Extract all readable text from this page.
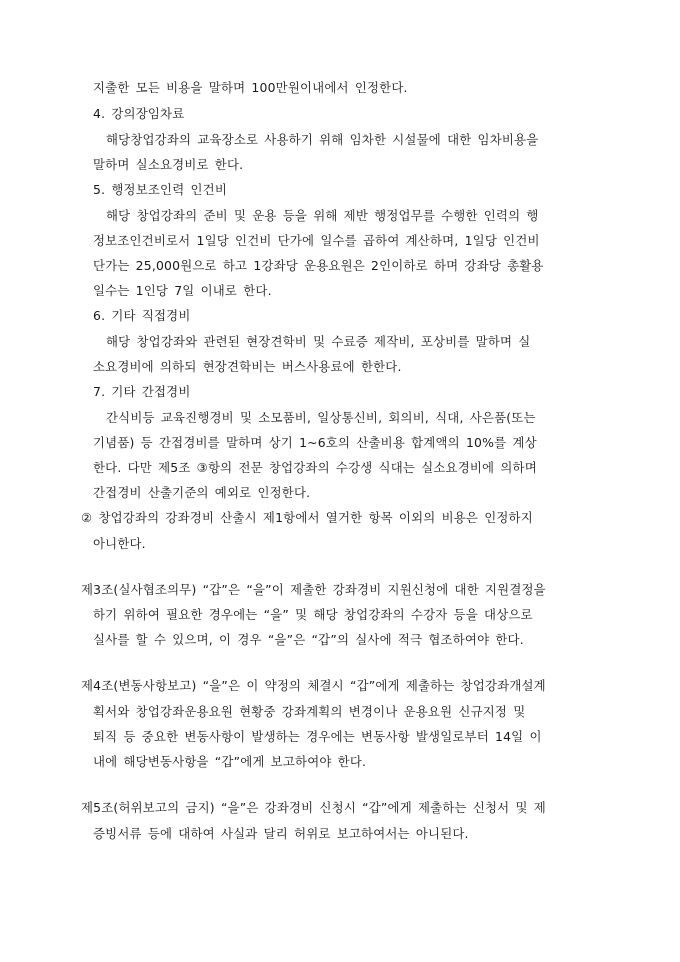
지출한 모든 비용을 말하며 100만원이내에서 인정한다.
4. 강의장임차료
해당창업강좌의 교육장소로 사용하기 위해 임차한 시설물에 대한 임차비용을
말하며 실소요경비로 한다.
5. 행정보조인력 인건비
해당 창업강좌의 준비 및 운용 등을 위해 제반 행정업무를 수행한 인력의 행
정보조인건비로서 1일당 인건비 단가에 일수를 곱하여 계산하며, 1일당 인건비
단가는 25,000원으로 하고 1강좌당 운용요원은 2인이하로 하며 강좌당 총활용
일수는 1인당 7일 이내로 한다.
6. 기타 직접경비
해당 창업강좌와 관련된 현장견학비 및 수료증 제작비, 포상비를 말하며 실
소요경비에 의하되 현장견학비는 버스사용료에 한한다.
7. 기타 간접경비
간식비등 교육진행경비 및 소모품비, 일상통신비, 회의비, 식대, 사은품(또는
기념품) 등 간접경비를 말하며 상기 1~6호의 산출비용 합계액의 10%를 계상
한다. 다만 제5조 ③항의 전문 창업강좌의 수강생 식대는 실소요경비에 의하며
간접경비 산출기준의 예외로 인정한다.
② 창업강좌의 강좌경비 산출시 제1항에서 열거한 항목 이외의 비용은 인정하지
아니한다.
제3조(실사협조의무) “갑”은 “을”이 제출한 강좌경비 지원신청에 대한 지원결정을
하기 위하여 필요한 경우에는 “을” 및 해당 창업강좌의 수강자 등을 대상으로
실사를 할 수 있으며, 이 경우 “을”은 “갑”의 실사에 적극 협조하여야 한다.
제4조(변동사항보고) “을”은 이 약정의 체결시 “갑”에게 제출하는 창업강좌개설계
획서와 창업강좌운용요원 현황중 강좌계획의 변경이나 운용요원 신규지정 및
퇴직 등 중요한 변동사항이 발생하는 경우에는 변동사항 발생일로부터 14일 이
내에 해당변동사항을 “갑”에게 보고하여야 한다.
제5조(허위보고의 금지) “을”은 강좌경비 신청시 “갑”에게 제출하는 신청서 및 제
증빙서류 등에 대하여 사실과 달리 허위로 보고하여서는 아니된다.
